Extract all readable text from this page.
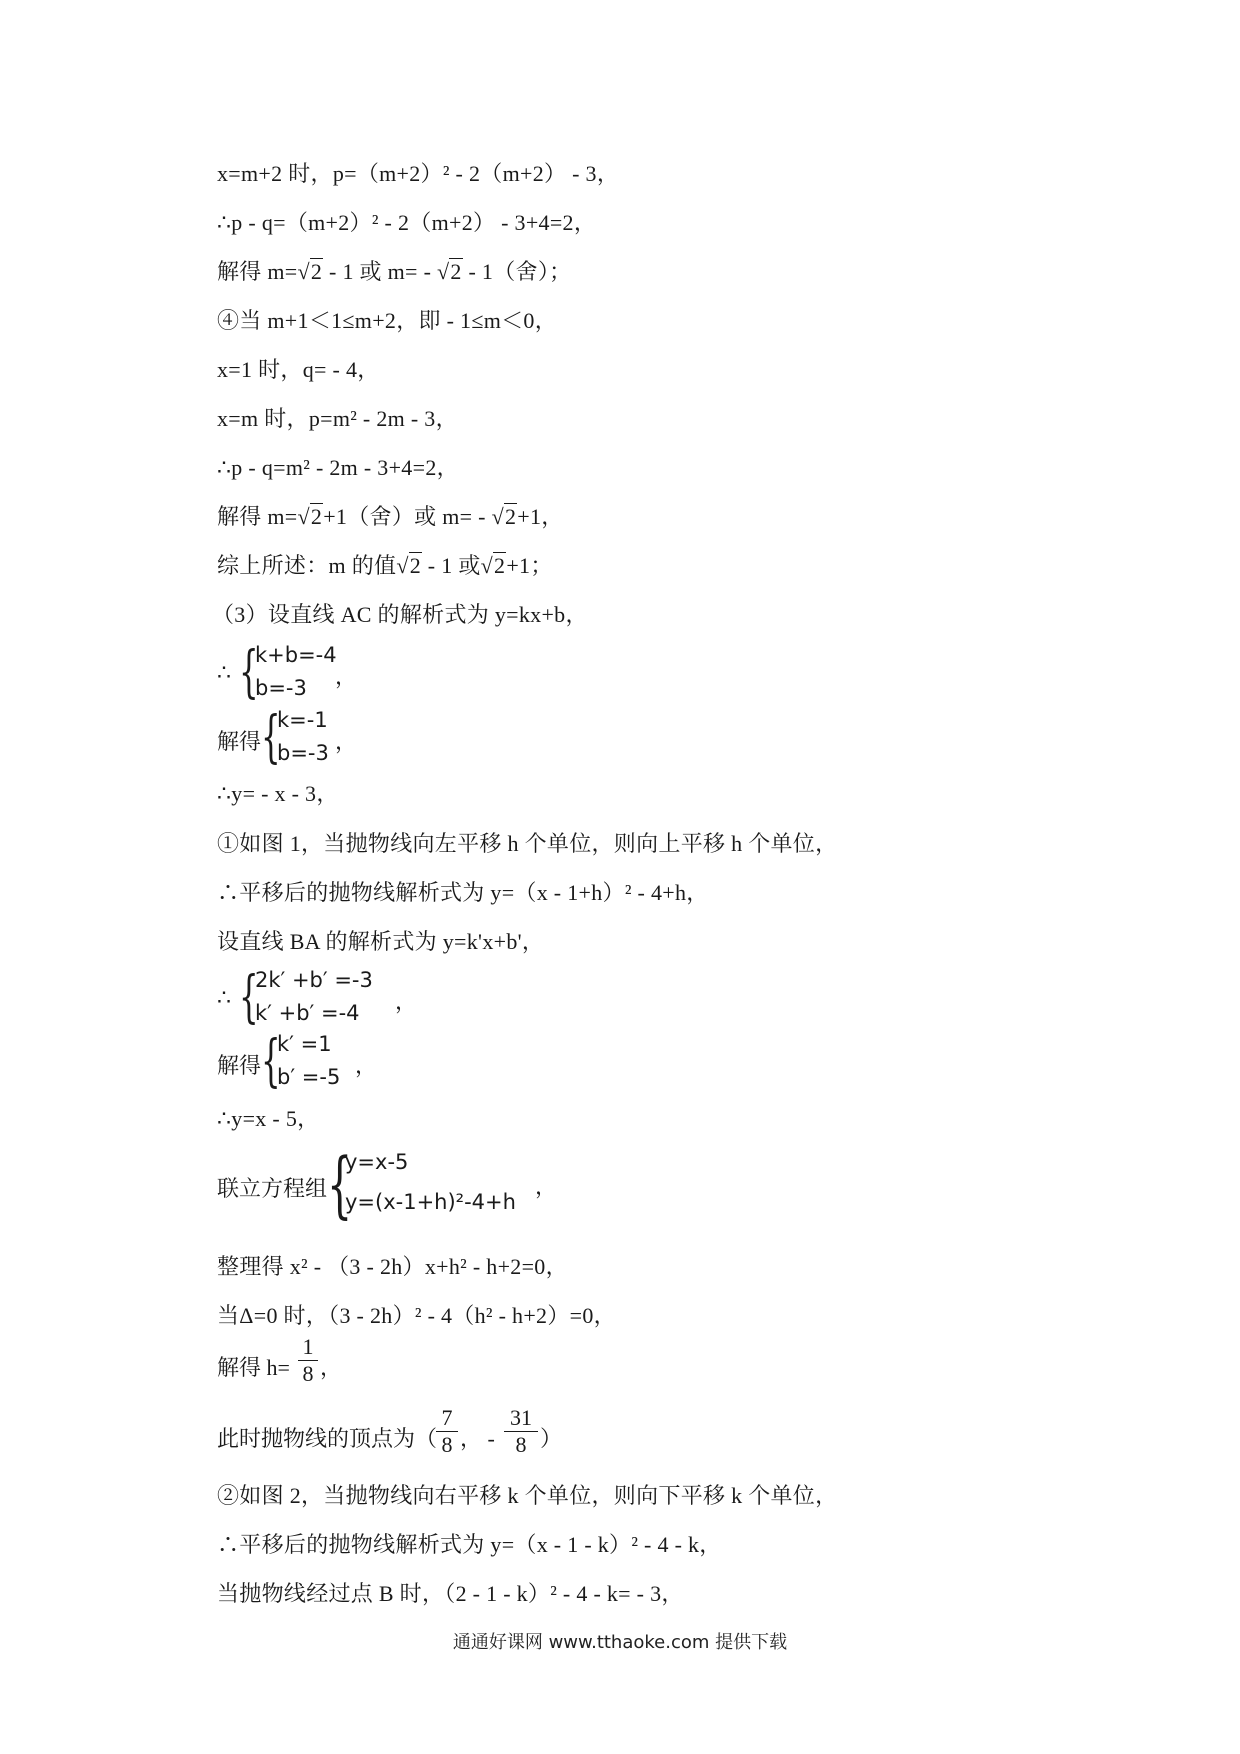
x=m+2 时，p=（m+2）² - 2（m+2） - 3，
∴p - q=（m+2）² - 2（m+2） - 3+4=2，
解得 m=√2 - 1 或 m= - √2 - 1（舍）；
④当 m+1＜1≤m+2，即 - 1≤m＜0，
x=1 时，q= - 4，
x=m 时，p=m² - 2m - 3，
∴p - q=m² - 2m - 3+4=2，
解得 m=√2+1（舍）或 m= - √2+1，
综上所述：m 的值√2 - 1 或√2+1；
（3）设直线 AC 的解析式为 y=kx+b，
∴ {
k+b=-4
b=-3 ，
解得 {
k=-1
b=-3 ，
∴y= - x - 3，
①如图 1，当抛物线向左平移 h 个单位，则向上平移 h 个单位，
∴平移后的抛物线解析式为 y=（x - 1+h）² - 4+h，
设直线 BA 的解析式为 y=k'x+b'，
∴ {
2k′ +b′ =-3
k′ +b′ =-4 ，
解得 {
k′ =1
b′ =-5 ，
∴y=x - 5，
联立方程组 {
y=x-5
y=(x-1+h)²-4+h
，
整理得 x² - （3 - 2h）x+h² - h+2=0，
当Δ=0 时，（3 - 2h）² - 4（h² - h+2）=0，
解得 h=
1
8 ，
此时抛物线的顶点为（
7
8 ， -
31
8 ）
②如图 2，当抛物线向右平移 k 个单位，则向下平移 k 个单位，
∴平移后的抛物线解析式为 y=（x - 1 - k）² - 4 - k，
当抛物线经过点 B 时，（2 - 1 - k）² - 4 - k= - 3，
通通好课网 www.tthaoke.com 提供下载
